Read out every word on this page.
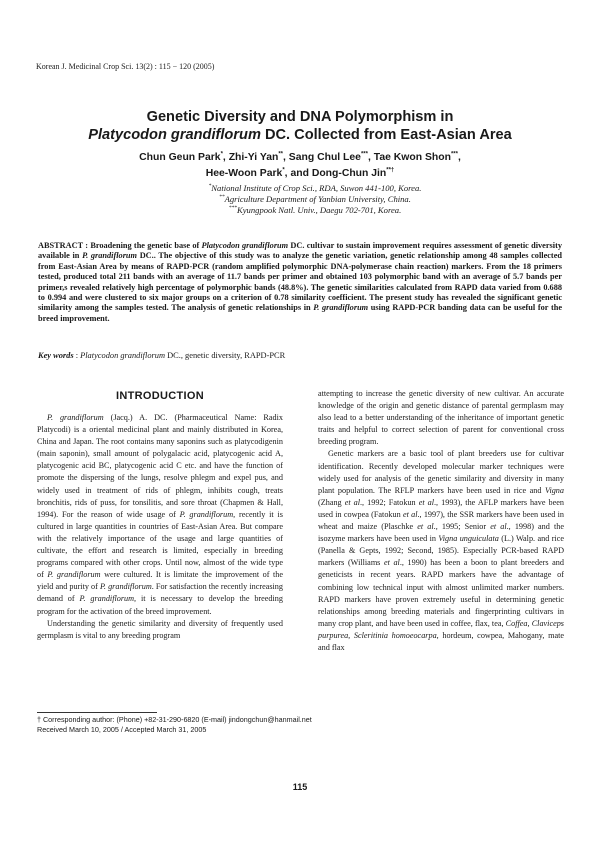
Korean J. Medicinal Crop Sci. 13(2) : 115 − 120 (2005)
Genetic Diversity and DNA Polymorphism in
Platycodon grandiflorum DC. Collected from East-Asian Area
Chun Geun Park*, Zhi-Yi Yan**, Sang Chul Lee***, Tae Kwon Shon***,
Hee-Woon Park*, and Dong-Chun Jin**†
*National Institute of Crop Sci., RDA, Suwon 441-100, Korea.
**Agriculture Department of Yanbian University, China.
***Kyungpook Natl. Univ., Daegu 702-701, Korea.
ABSTRACT : Broadening the genetic base of Platycodon grandiflorum DC. cultivar to sustain improvement requires assessment of genetic diversity available in P. grandiflorum DC.. The objective of this study was to analyze the genetic variation, genetic relationship among 48 samples collected from East-Asian Area by means of RAPD-PCR (random amplified polymorphic DNA-polymerase chain reaction) markers. From the 18 primers tested, produced total 211 bands with an average of 11.7 bands per primer and obtained 103 polymorphic band with an average of 5.7 bands per primer,s revealed relatively high percentage of polymorphic bands (48.8%). The genetic similarities calculated from RAPD data varied from 0.688 to 0.994 and were clustered to six major groups on a criterion of 0.78 similarity coefficient. The present study has revealed the significant genetic similarity among the samples tested. The analysis of genetic relationships in P. grandiflorum using RAPD-PCR banding data can be useful for the breed improvement.
Key words : Platycodon grandiflorum DC., genetic diversity, RAPD-PCR
INTRODUCTION

P. grandiflorum (Jacq.) A. DC. (Pharmaceutical Name: Radix Platycodi) is a oriental medicinal plant and mainly distributed in Korea, China and Japan. The root contains many saponins such as platycodigenin (main saponin), small amount of polygalacic acid, platycogenic acid A, platycogenic acid BC, platycogenic acid C etc. and have the function of promote the dispersing of the lungs, resolve phlegm and expel pus, and widely used in treatment of rids of phlegm, inhibits cough, treats bronchitis, rids of puss, for tonsilitis, and sore throat (Chapmen & Hall, 1994). For the reason of wide usage of P. grandiflorum, recently it is cultured in large quantities in countries of East-Asian Area. But compare with the relatively importance of the usage and large quantities of cultivate, the effort and research is limited, especially in breeding programs compared with other crops. Until now, almost of the wide type of P. grandiflorum were cultured. It is limitate the improvement of the yield and purity of P. grandiflorum. For satisfaction the recently increasing demand of P. grandiflorum, it is necessary to develop the breeding program for the activation of the breed improvement.

Understanding the genetic similarity and diversity of frequently used germplasm is vital to any breeding program

attempting to increase the genetic diversity of new cultivar. An accurate knowledge of the origin and genetic distance of parental germplasm may also lead to a better understanding of the inheritance of important genetic traits and helpful to correct selection of parent for conventional cross breeding program.

Genetic markers are a basic tool of plant breeders use for cultivar identification. Recently developed molecular marker techniques were widely used for analysis of the genetic similarity and diversity in many plant population. The RFLP markers have been used in rice and Vigna (Zhang et al., 1992; Fatokun et al., 1993), the AFLP markers have been used in cowpea (Fatokun et al., 1997), the SSR markers have been used in wheat and maize (Plaschke et al., 1995; Senior et al., 1998) and the isozyme markers have been used in Vigna unguiculata (L.) Walp. and rice (Panella & Gepts, 1992; Second, 1985). Especially PCR-based RAPD markers (Williams et al., 1990) has been a boon to plant breeders and geneticists in recent years. RAPD markers have the advantage of combining low technical input with almost unlimited marker numbers. RAPD markers have proven extremely useful in determining genetic relationships among breeding materials and fingerprinting cultivars in many crop plant, and have been used in coffee, flax, tea, Coffea, Claviceps purpurea, Scleritinia homoeocarpa, hordeum, cowpea, Mahogany, mate and flax

† Corresponding author: (Phone) +82-31-290-6820 (E-mail) jindongchun@hanmail.net
Received March 10, 2005 / Accepted March 31, 2005
115
